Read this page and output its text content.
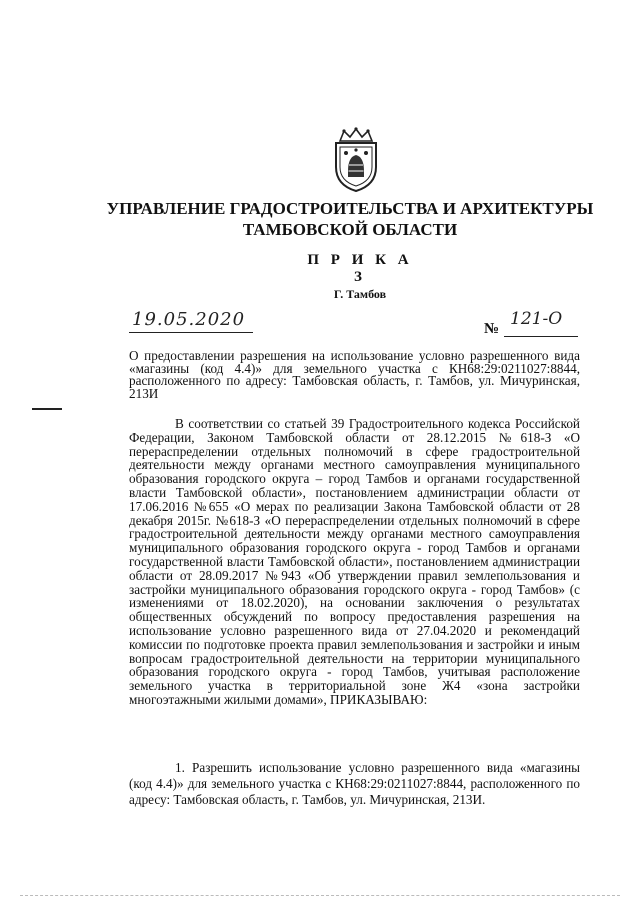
УПРАВЛЕНИЕ ГРАДОСТРОИТЕЛЬСТВА И АРХИТЕКТУРЫ
ТАМБОВСКОЙ ОБЛАСТИ
П Р И К А З
Г. Тамбов
19.05.2020	№ 121-О
О предоставлении разрешения на использование условно разрешенного вида «магазины (код 4.4)» для земельного участка с КН68:29:0211027:8844, расположенного по адресу: Тамбовская область, г. Тамбов, ул. Мичуринская, 213И
В соответствии со статьей 39 Градостроительного кодекса Российской Федерации, Законом Тамбовской области от 28.12.2015 №618-З «О перераспределении отдельных полномочий в сфере градостроительной деятельности между органами местного самоуправления муниципального образования городского округа – город Тамбов и органами государственной власти Тамбовской области», постановлением администрации области от 17.06.2016 №655 «О мерах по реализации Закона Тамбовской области от 28 декабря 2015г. №618-З «О перераспределении отдельных полномочий в сфере градостроительной деятельности между органами местного самоуправления муниципального образования городского округа - город Тамбов и органами государственной власти Тамбовской области», постановлением администрации области от 28.09.2017 №943 «Об утверждении правил землепользования и застройки муниципального образования городского округа - город Тамбов» (с изменениями от 18.02.2020), на основании заключения о результатах общественных обсуждений по вопросу предоставления разрешения на использование условно разрешенного вида от 27.04.2020 и рекомендаций комиссии по подготовке проекта правил землепользования и застройки и иным вопросам градостроительной деятельности на территории муниципального образования городского округа - город Тамбов, учитывая расположение земельного участка в территориальной зоне Ж4 «зона застройки многоэтажными жилыми домами», ПРИКАЗЫВАЮ:
1. Разрешить использование условно разрешенного вида «магазины (код 4.4)» для земельного участка с КН68:29:0211027:8844, расположенного по адресу: Тамбовская область, г. Тамбов, ул. Мичуринская, 213И.
